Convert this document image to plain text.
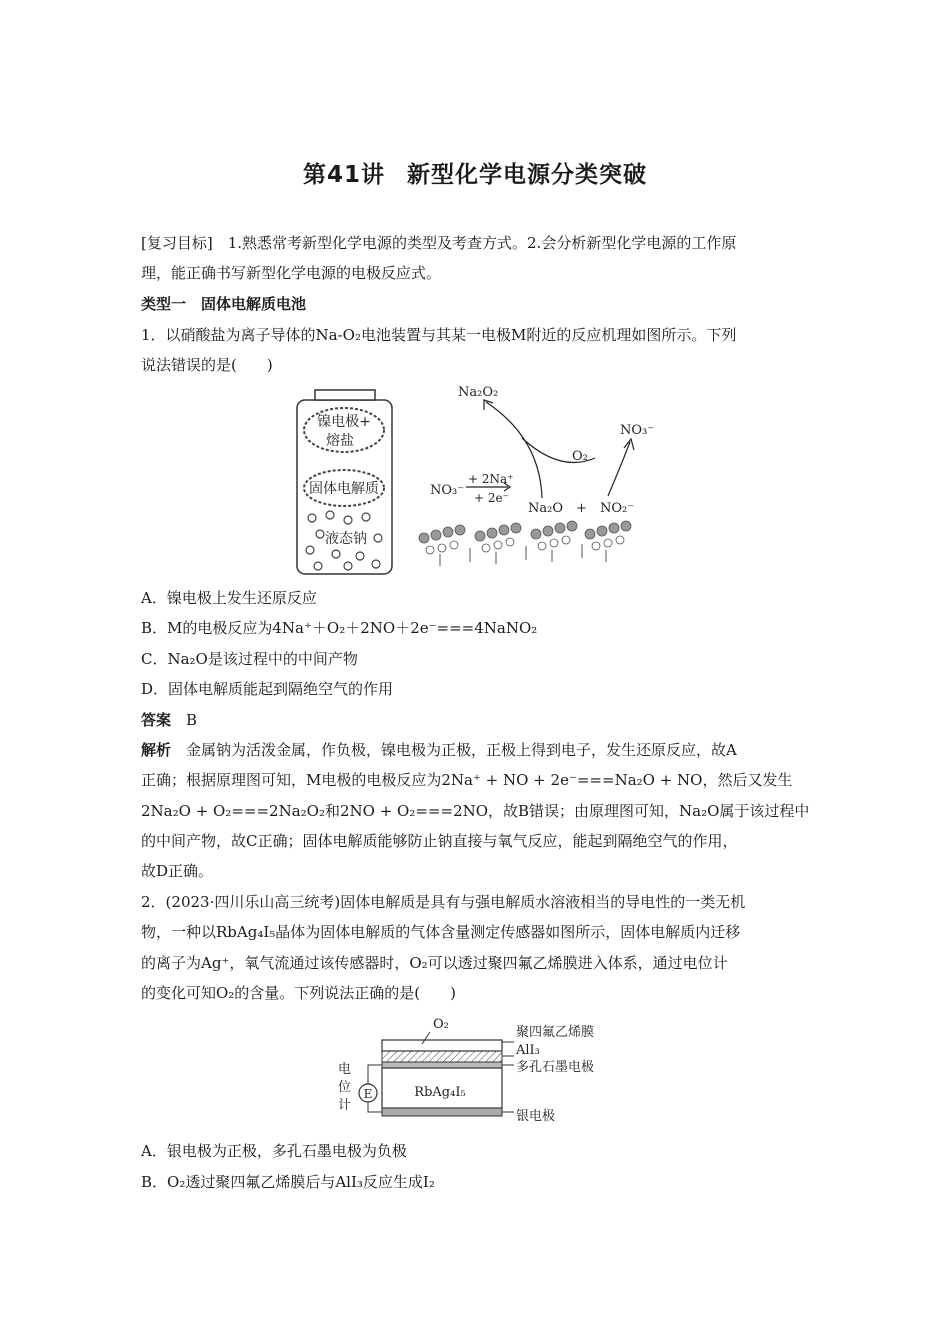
第41讲 新型化学电源分类突破
[复习目标]　1.熟悉常考新型化学电源的类型及考查方式。2.会分析新型化学电源的工作原
理，能正确书写新型化学电源的电极反应式。
类型一　固体电解质电池
1．以硝酸盐为离子导体的Na-O₂电池装置与其某一电极M附近的反应机理如图所示。下列
说法错误的是(　　)
镍电极+
熔盐
固体电解质
液态钠
Na₂O₂
NO₃⁻
O₂
NO₃⁻
+ 2Na⁺
+ 2e⁻
Na₂O + NO₂⁻
A．镍电极上发生还原反应
B．M的电极反应为4Na⁺＋O₂＋2NO＋2e⁻===4NaNO₂
C．Na₂O是该过程中的中间产物
D．固体电解质能起到隔绝空气的作用
答案　 B
解析　 金属钠为活泼金属，作负极，镍电极为正极，正极上得到电子，发生还原反应，故A
正确；根据原理图可知，M电极的电极反应为2Na⁺ + NO + 2e⁻===Na₂O + NO，然后又发生
2Na₂O + O₂===2Na₂O₂和2NO + O₂===2NO，故B错误；由原理图可知，Na₂O属于该过程中
的中间产物，故C正确；固体电解质能够防止钠直接与氧气反应，能起到隔绝空气的作用，
故D正确。
2．(2023·四川乐山高三统考)固体电解质是具有与强电解质水溶液相当的导电性的一类无机
物，一种以RbAg₄I₅晶体为固体电解质的气体含量测定传感器如图所示，固体电解质内迁移
的离子为Ag⁺，氧气流通过该传感器时，O₂可以透过聚四氟乙烯膜进入体系，通过电位计
的变化可知O₂的含量。下列说法正确的是(　　)
O₂
RbAg₄I₅
聚四氟乙烯膜
AlI₃
多孔石墨电极
银电极
E
电
位
计
A．银电极为正极，多孔石墨电极为负极
B．O₂透过聚四氟乙烯膜后与AlI₃反应生成I₂
